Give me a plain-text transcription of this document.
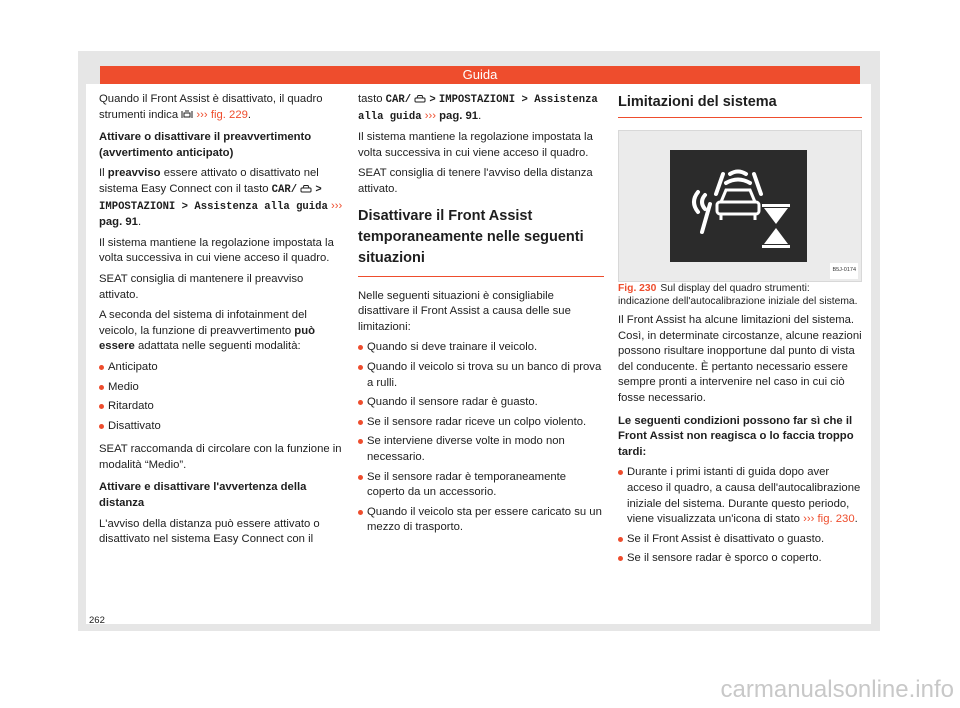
Guida

Quando il Front Assist è disattivato, il quadro strumenti indica ››› fig. 229.

Attivare o disattivare il preavvertimento (avvertimento anticipato)

Il preavviso essere attivato o disattivato nel sistema Easy Connect con il tasto CAR/ > IMPOSTAZIONI > Assistenza alla guida ››› pag. 91.

Il sistema mantiene la regolazione impostata la volta successiva in cui viene acceso il quadro.

SEAT consiglia di mantenere il preavviso attivato.

A seconda del sistema di infotainment del veicolo, la funzione di preavvertimento può essere adattata nelle seguenti modalità:

Anticipato
Medio
Ritardato
Disattivato

SEAT raccomanda di circolare con la funzione in modalità “Medio”.

Attivare e disattivare l'avvertenza della distanza

L'avviso della distanza può essere attivato o disattivato nel sistema Easy Connect con il

tasto CAR/ > IMPOSTAZIONI > Assistenza alla guida ››› pag. 91.

Il sistema mantiene la regolazione impostata la volta successiva in cui viene acceso il quadro.

SEAT consiglia di tenere l'avviso della distanza attivato.

Disattivare il Front Assist temporaneamente nelle seguenti situazioni

Nelle seguenti situazioni è consigliabile disattivare il Front Assist a causa delle sue limitazioni:

Quando si deve trainare il veicolo.
Quando il veicolo si trova su un banco di prova a rulli.
Quando il sensore radar è guasto.
Se il sensore radar riceve un colpo violento.
Se interviene diverse volte in modo non necessario.
Se il sensore radar è temporaneamente coperto da un accessorio.
Quando il veicolo sta per essere caricato su un mezzo di trasporto.
Limitazioni del sistema
B5J-0174

Fig. 230 Sul display del quadro strumenti: indicazione dell'autocalibrazione iniziale del sistema.

Il Front Assist ha alcune limitazioni del sistema. Così, in determinate circostanze, alcune reazioni possono risultare inopportune dal punto di vista del conducente. È pertanto necessario essere sempre pronti a intervenire nel caso in cui ciò fosse necessario.

Le seguenti condizioni possono far sì che il Front Assist non reagisca o lo faccia troppo tardi:

Durante i primi istanti di guida dopo aver acceso il quadro, a causa dell'autocalibrazione iniziale del sistema. Durante questo periodo, viene visualizzata un'icona di stato ››› fig. 230.
Se il Front Assist è disattivato o guasto.
Se il sensore radar è sporco o coperto.
262
carmanualsonline.info
